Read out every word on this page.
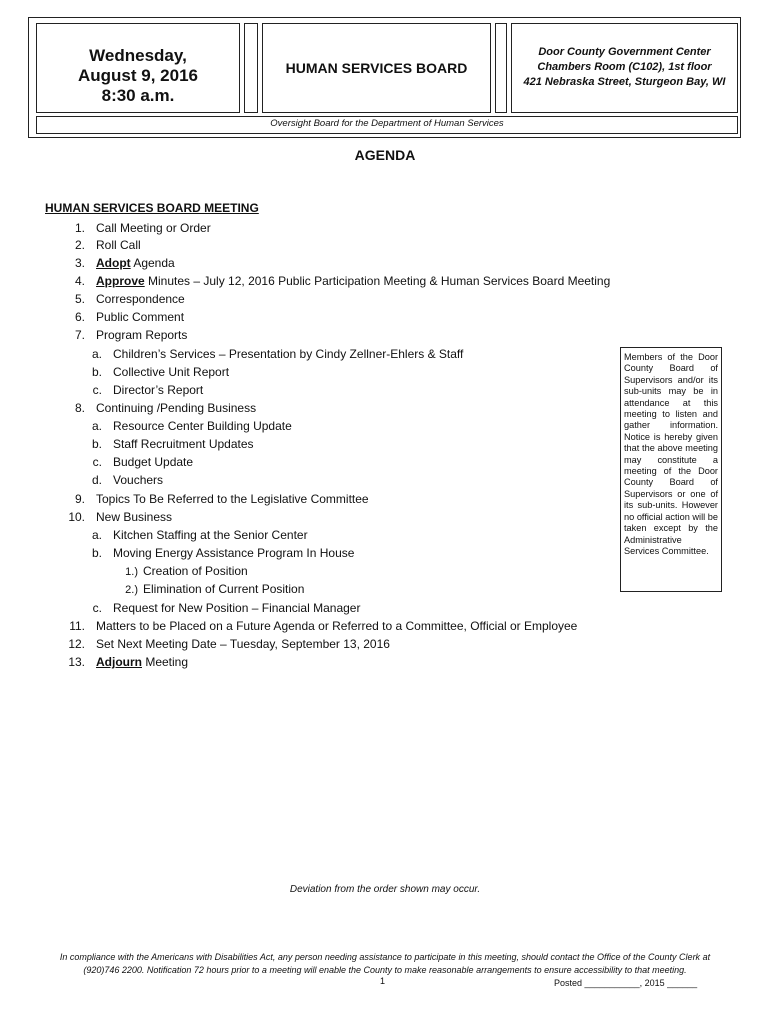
Wednesday,
August 9, 2016
8:30 a.m.
HUMAN SERVICES BOARD
Door County Government Center
Chambers Room (C102), 1st floor
421 Nebraska Street, Sturgeon Bay, WI
Oversight Board for the Department of Human Services
AGENDA
HUMAN SERVICES BOARD MEETING
1. Call Meeting or Order
2. Roll Call
3. Adopt Agenda
4. Approve Minutes – July 12, 2016 Public Participation Meeting & Human Services Board Meeting
5. Correspondence
6. Public Comment
7. Program Reports
a. Children’s Services – Presentation by Cindy Zellner-Ehlers & Staff
b. Collective Unit Report
c. Director’s Report
8. Continuing /Pending Business
a. Resource Center Building Update
b. Staff Recruitment Updates
c. Budget Update
d. Vouchers
9. Topics To Be Referred to the Legislative Committee
10. New Business
a. Kitchen Staffing at the Senior Center
b. Moving Energy Assistance Program In House
1.) Creation of Position
2.) Elimination of Current Position
c. Request for New Position – Financial Manager
11. Matters to be Placed on a Future Agenda or Referred to a Committee, Official or Employee
12. Set Next Meeting Date – Tuesday, September 13, 2016
13. Adjourn Meeting
Members of the Door County Board of Supervisors and/or its sub-units may be in attendance at this meeting to listen and gather information. Notice is hereby given that the above meeting may constitute a meeting of the Door County Board of Supervisors or one of its sub-units. However no official action will be taken except by the Administrative Services Committee.
Deviation from the order shown may occur.
In compliance with the Americans with Disabilities Act, any person needing assistance to participate in this meeting, should contact the Office of the County Clerk at
(920)746 2200. Notification 72 hours prior to a meeting will enable the County to make reasonable arrangements to ensure accessibility to that meeting.
1	Posted ___________, 2015 ______
